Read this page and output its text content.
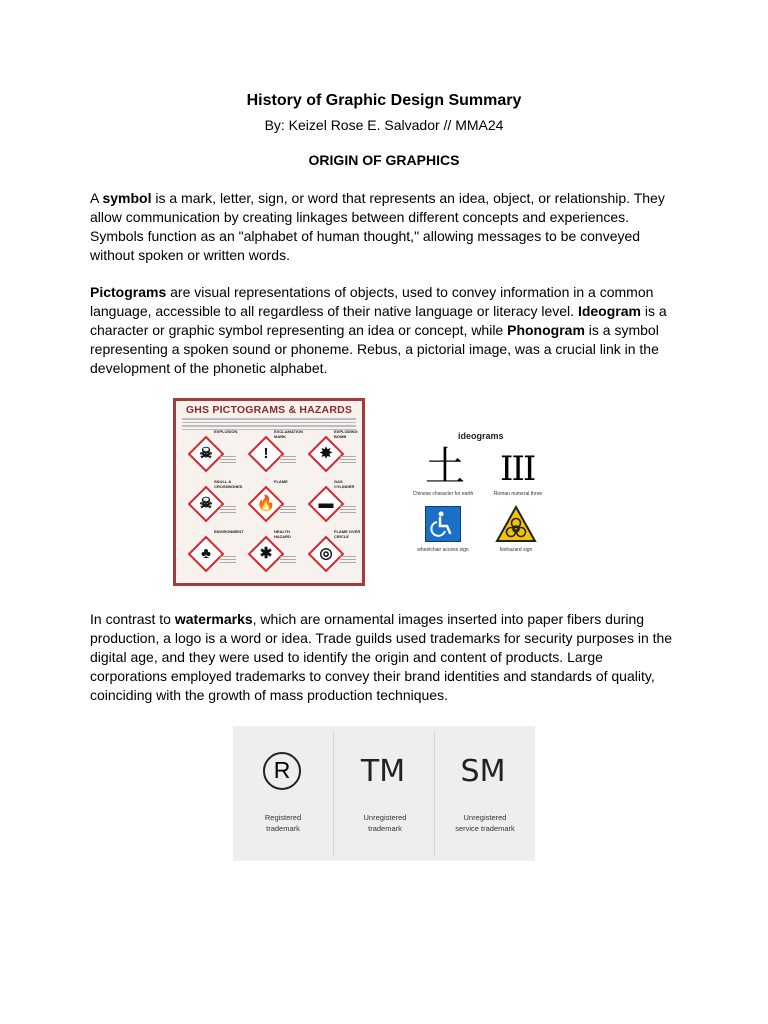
History of Graphic Design Summary
By: Keizel Rose E. Salvador // MMA24
ORIGIN OF GRAPHICS

A symbol is a mark, letter, sign, or word that represents an idea, object, or relationship. They allow communication by creating linkages between different concepts and experiences. Symbols function as an "alphabet of human thought," allowing messages to be conveyed without spoken or written words.

Pictograms are visual representations of objects, used to convey information in a common language, accessible to all regardless of their native language or literacy level. Ideogram is a character or graphic symbol representing an idea or concept, while Phonogram is a symbol representing a spoken sound or phoneme. Rebus, a pictorial image, was a crucial link in the development of the phonetic alphabet.

GHS PICTOGRAMS & HAZARDS
☠
EXPLOSION
!
EXCLAMATION MARK
✸
EXPLODING BOMB
☠
SKULL & CROSSBONES
🔥
FLAME
▬
GAS CYLINDER
♣
ENVIRONMENT
✱
HEALTH HAZARD
◎
FLAME OVER CIRCLE
ideograms
土
Chinese character for earth
III
Roman numeral three
wheelchair access sign	biohazard sign

In contrast to watermarks, which are ornamental images inserted into paper fibers during production, a logo is a word or idea. Trade guilds used trademarks for security purposes in the digital age, and they were used to identify the origin and content of products. Large corporations employed trademarks to convey their brand identities and standards of quality, coinciding with the growth of mass production techniques.

R
Registered
trademark
TM
Unregistered
trademark
SM
Unregistered
service trademark
